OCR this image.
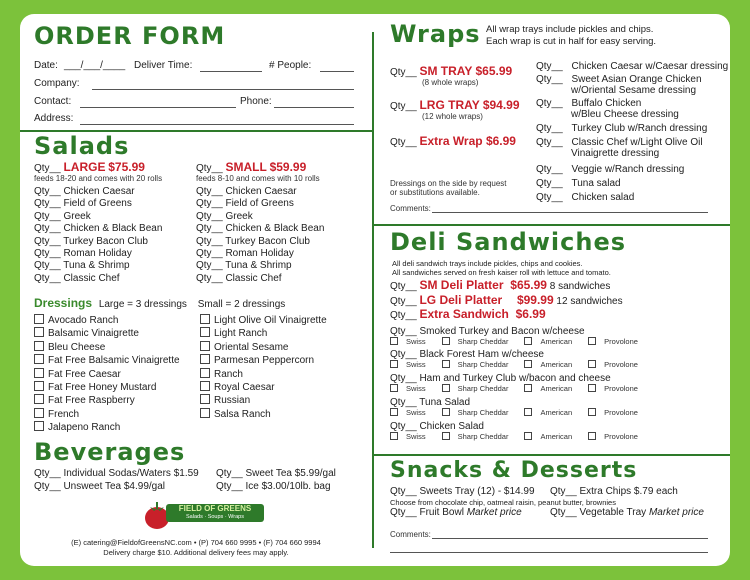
ORDER FORM
Date: ___/___/____ Deliver Time:	# People:
Company:
Contact:	Phone:
Address:
Salads
Qty__ LARGE $75.99
feeds 18-20 and comes with 20 rolls
Qty__ SMALL $59.99
feeds 8-10 and comes with 10 rolls
Qty__ Chicken Caesar
Qty__ Field of Greens
Qty__ Greek
Qty__ Chicken & Black Bean
Qty__ Turkey Bacon Club
Qty__ Roman Holiday
Qty__ Tuna & Shrimp
Qty__ Classic Chef
Qty__ Chicken Caesar
Qty__ Field of Greens
Qty__ Greek
Qty__ Chicken & Black Bean
Qty__ Turkey Bacon Club
Qty__ Roman Holiday
Qty__ Tuna & Shrimp
Qty__ Classic Chef
Dressings Large = 3 dressings Small = 2 dressings
Avocado Ranch
Balsamic Vinaigrette
Bleu Cheese
Fat Free Balsamic Vinaigrette
Fat Free Caesar
Fat Free Honey Mustard
Fat Free Raspberry
French
Jalapeno Ranch
Light Olive Oil Vinaigrette
Light Ranch
Oriental Sesame
Parmesan Peppercorn
Ranch
Royal Caesar
Russian
Salsa Ranch
Beverages
Qty__ Individual Sodas/Waters $1.59
Qty__ Unsweet Tea $4.99/gal
Qty__ Sweet Tea $5.99/gal
Qty__ Ice $3.00/10lb. bag
FIELD OF GREENS
Salads · Soups · Wraps
(E) catering@FieldofGreensNC.com • (P) 704 660 9995 • (F) 704 660 9994
Delivery charge $10. Additional delivery fees may apply.
Wraps All wrap trays include pickles and chips.
Each wrap is cut in half for easy serving.
Qty__ SM TRAY $65.99
(8 whole wraps)
Qty__ LRG TRAY $94.99
(12 whole wraps)
Qty__ Extra Wrap $6.99
Dressings on the side by request
or substitutions available.
Comments:
Qty__ Chicken Caesar w/Caesar dressing
Qty__ Sweet Asian Orange Chicken
w/Oriental Sesame dressing
Qty__ Buffalo Chicken
w/Bleu Cheese dressing
Qty__ Turkey Club w/Ranch dressing
Qty__ Classic Chef w/Light Olive Oil
Vinaigrette dressing
Qty__ Veggie w/Ranch dressing
Qty__ Tuna salad
Qty__ Chicken salad
Deli Sandwiches
All deli sandwich trays include pickles, chips and cookies.
All sandwiches served on fresh kaiser roll with lettuce and tomato.
Qty__ SM Deli Platter $65.99 8 sandwiches
Qty__ LG Deli Platter $99.99 12 sandwiches
Qty__ Extra Sandwich $6.99
Qty__ Smoked Turkey and Bacon w/cheese
Swiss	Sharp Cheddar	American	Provolone
Qty__ Black Forest Ham w/cheese
Swiss	Sharp Cheddar	American	Provolone
Qty__ Ham and Turkey Club w/bacon and cheese
Swiss	Sharp Cheddar	American	Provolone
Qty__ Tuna Salad
Swiss	Sharp Cheddar	American	Provolone
Qty__ Chicken Salad
Swiss	Sharp Cheddar	American	Provolone
Snacks & Desserts
Qty__ Sweets Tray (12) - $14.99
Choose from chocolate chip, oatmeal raisin, peanut butter, brownies
Qty__ Extra Chips $.79 each
Qty__ Fruit Bowl Market price	Qty__ Vegetable Tray Market price
Comments:
